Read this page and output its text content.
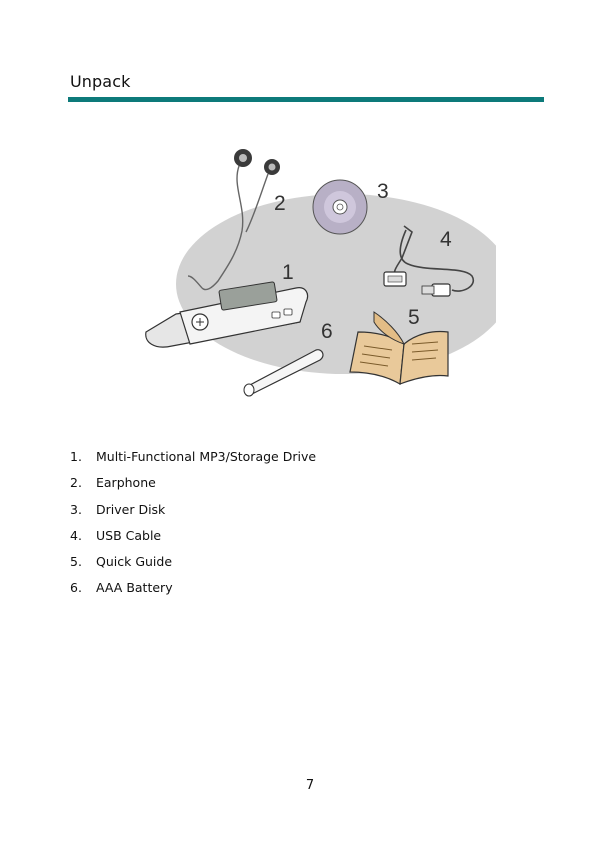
Unpack
1
2
3
4
5
6
1. Multi-Functional MP3/Storage Drive
2. Earphone
3. Driver Disk
4. USB Cable
5. Quick Guide
6. AAA Battery
7
